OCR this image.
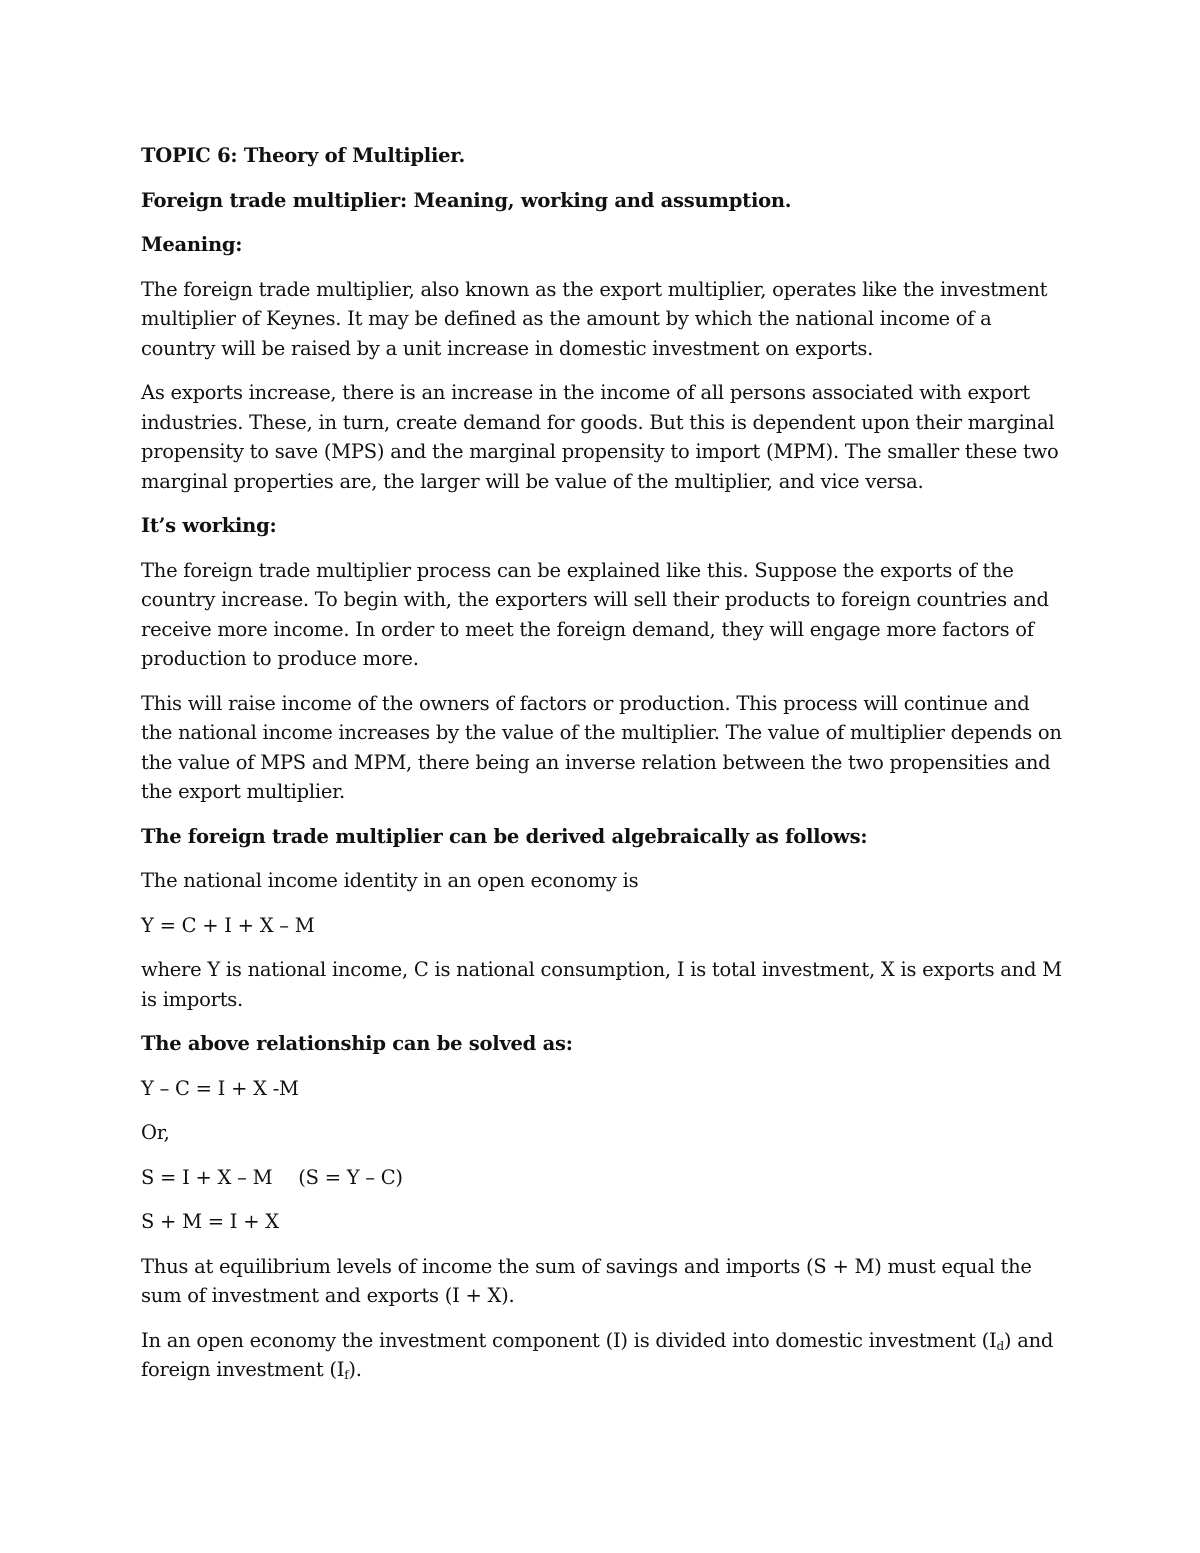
TOPIC 6: Theory of Multiplier.

Foreign trade multiplier: Meaning, working and assumption.

Meaning:

The foreign trade multiplier, also known as the export multiplier, operates like the investment multiplier of Keynes. It may be defined as the amount by which the national income of a country will be raised by a unit increase in domestic investment on exports.

As exports increase, there is an increase in the income of all persons associated with export industries. These, in turn, create demand for goods. But this is dependent upon their marginal propensity to save (MPS) and the marginal propensity to import (MPM). The smaller these two marginal properties are, the larger will be value of the multiplier, and vice versa.

It’s working:

The foreign trade multiplier process can be explained like this. Suppose the exports of the country increase. To begin with, the exporters will sell their products to foreign countries and receive more income. In order to meet the foreign demand, they will engage more factors of production to produce more.

This will raise income of the owners of factors or production. This process will continue and the national income increases by the value of the multiplier. The value of multiplier depends on the value of MPS and MPM, there being an inverse relation between the two propensities and the export multiplier.

The foreign trade multiplier can be derived algebraically as follows:

The national income identity in an open economy is

Y = C + I + X – M

where Y is national income, C is national consumption, I is total investment, X is exports and M is imports.

The above relationship can be solved as:

Y – C = I + X -M

Or,

S = I + X – M (S = Y – C)

S + M = I + X

Thus at equilibrium levels of income the sum of savings and imports (S + M) must equal the sum of investment and exports (I + X).

In an open economy the investment component (I) is divided into domestic investment $(I_d)$ and foreign investment $(I_f)$.
